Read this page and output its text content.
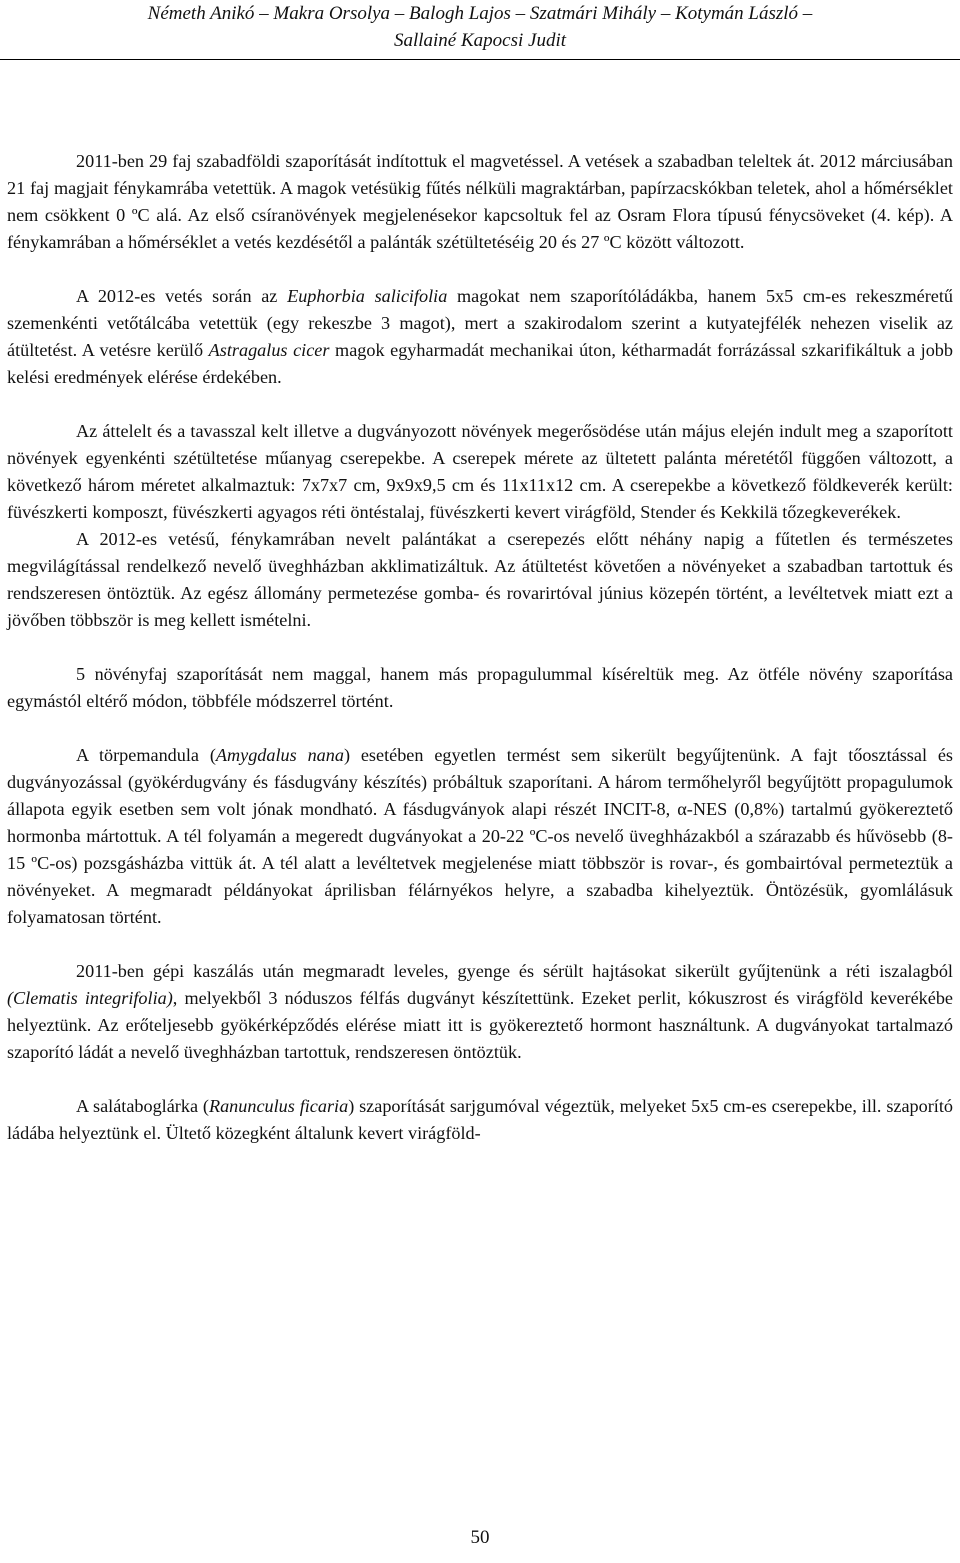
Németh Anikó – Makra Orsolya – Balogh Lajos – Szatmári Mihály – Kotymán László –
Sallainé Kapocsi Judit

2011-ben 29 faj szabadföldi szaporítását indítottuk el magvetéssel. A vetések a szabadban teleltek át. 2012 márciusában 21 faj magjait fénykamrába vetettük. A magok vetésükig fűtés nélküli magraktárban, papírzacskókban teletek, ahol a hőmérséklet nem csökkent 0 ºC alá. Az első csíranövények megjelenésekor kapcsoltuk fel az Osram Flora típusú fénycsöveket (4. kép). A fénykamrában a hőmérséklet a vetés kezdésétől a palánták szétültetéséig 20 és 27 ºC között változott.

A 2012-es vetés során az Euphorbia salicifolia magokat nem szaporítóládákba, hanem 5x5 cm-es rekeszméretű szemenkénti vetőtálcába vetettük (egy rekeszbe 3 magot), mert a szakirodalom szerint a kutyatejfélék nehezen viselik az átültetést. A vetésre kerülő Astragalus cicer magok egyharmadát mechanikai úton, kétharmadát forrázással szkarifikáltuk a jobb kelési eredmények elérése érdekében.

Az áttelelt és a tavasszal kelt illetve a dugványozott növények megerősödése után május elején indult meg a szaporított növények egyenkénti szétültetése műanyag cserepekbe. A cserepek mérete az ültetett palánta méretétől függően változott, a következő három méretet alkalmaztuk: 7x7x7 cm, 9x9x9,5 cm és 11x11x12 cm. A cserepekbe a következő földkeverék került: füvészkerti komposzt, füvészkerti agyagos réti öntéstalaj, füvészkerti kevert virágföld, Stender és Kekkilä tőzegkeverékek.

A 2012-es vetésű, fénykamrában nevelt palántákat a cserepezés előtt néhány napig a fűtetlen és természetes megvilágítással rendelkező nevelő üveghházban akklimatizáltuk. Az átültetést követően a növényeket a szabadban tartottuk és rendszeresen öntöztük. Az egész állomány permetezése gomba- és rovarirtóval június közepén történt, a levéltetvek miatt ezt a jövőben többször is meg kellett ismételni.

5 növényfaj szaporítását nem maggal, hanem más propagulummal kíséreltük meg. Az ötféle növény szaporítása egymástól eltérő módon, többféle módszerrel történt.

A törpemandula (Amygdalus nana) esetében egyetlen termést sem sikerült begyűjtenünk. A fajt tőosztással és dugványozással (gyökérdugvány és fásdugvány készítés) próbáltuk szaporítani. A három termőhelyről begyűjtött propagulumok állapota egyik esetben sem volt jónak mondható. A fásdugványok alapi részét INCIT-8, α-NES (0,8%) tartalmú gyökereztető hormonba mártottuk. A tél folyamán a megeredt dugványokat a 20-22 ºC-os nevelő üveghházakból a szárazabb és hűvösebb (8-15 ºC-os) pozsgásházba vittük át. A tél alatt a levéltetvek megjelenése miatt többször is rovar-, és gombairtóval permeteztük a növényeket. A megmaradt példányokat áprilisban félárnyékos helyre, a szabadba kihelyeztük. Öntözésük, gyomlálásuk folyamatosan történt.

2011-ben gépi kaszálás után megmaradt leveles, gyenge és sérült hajtásokat sikerült gyűjtenünk a réti iszalagból (Clematis integrifolia), melyekből 3 nóduszos félfás dugványt készítettünk. Ezeket perlit, kókuszrost és virágföld keverékébe helyeztünk. Az erőteljesebb gyökérképződés elérése miatt itt is gyökereztető hormont használtunk. A dugványokat tartalmazó szaporító ládát a nevelő üveghházban tartottuk, rendszeresen öntöztük.

A salátaboglárka (Ranunculus ficaria) szaporítását sarjgumóval végeztük, melyeket 5x5 cm-es cserepekbe, ill. szaporító ládába helyeztünk el. Ültető közegként általunk kevert virágföld-

50
